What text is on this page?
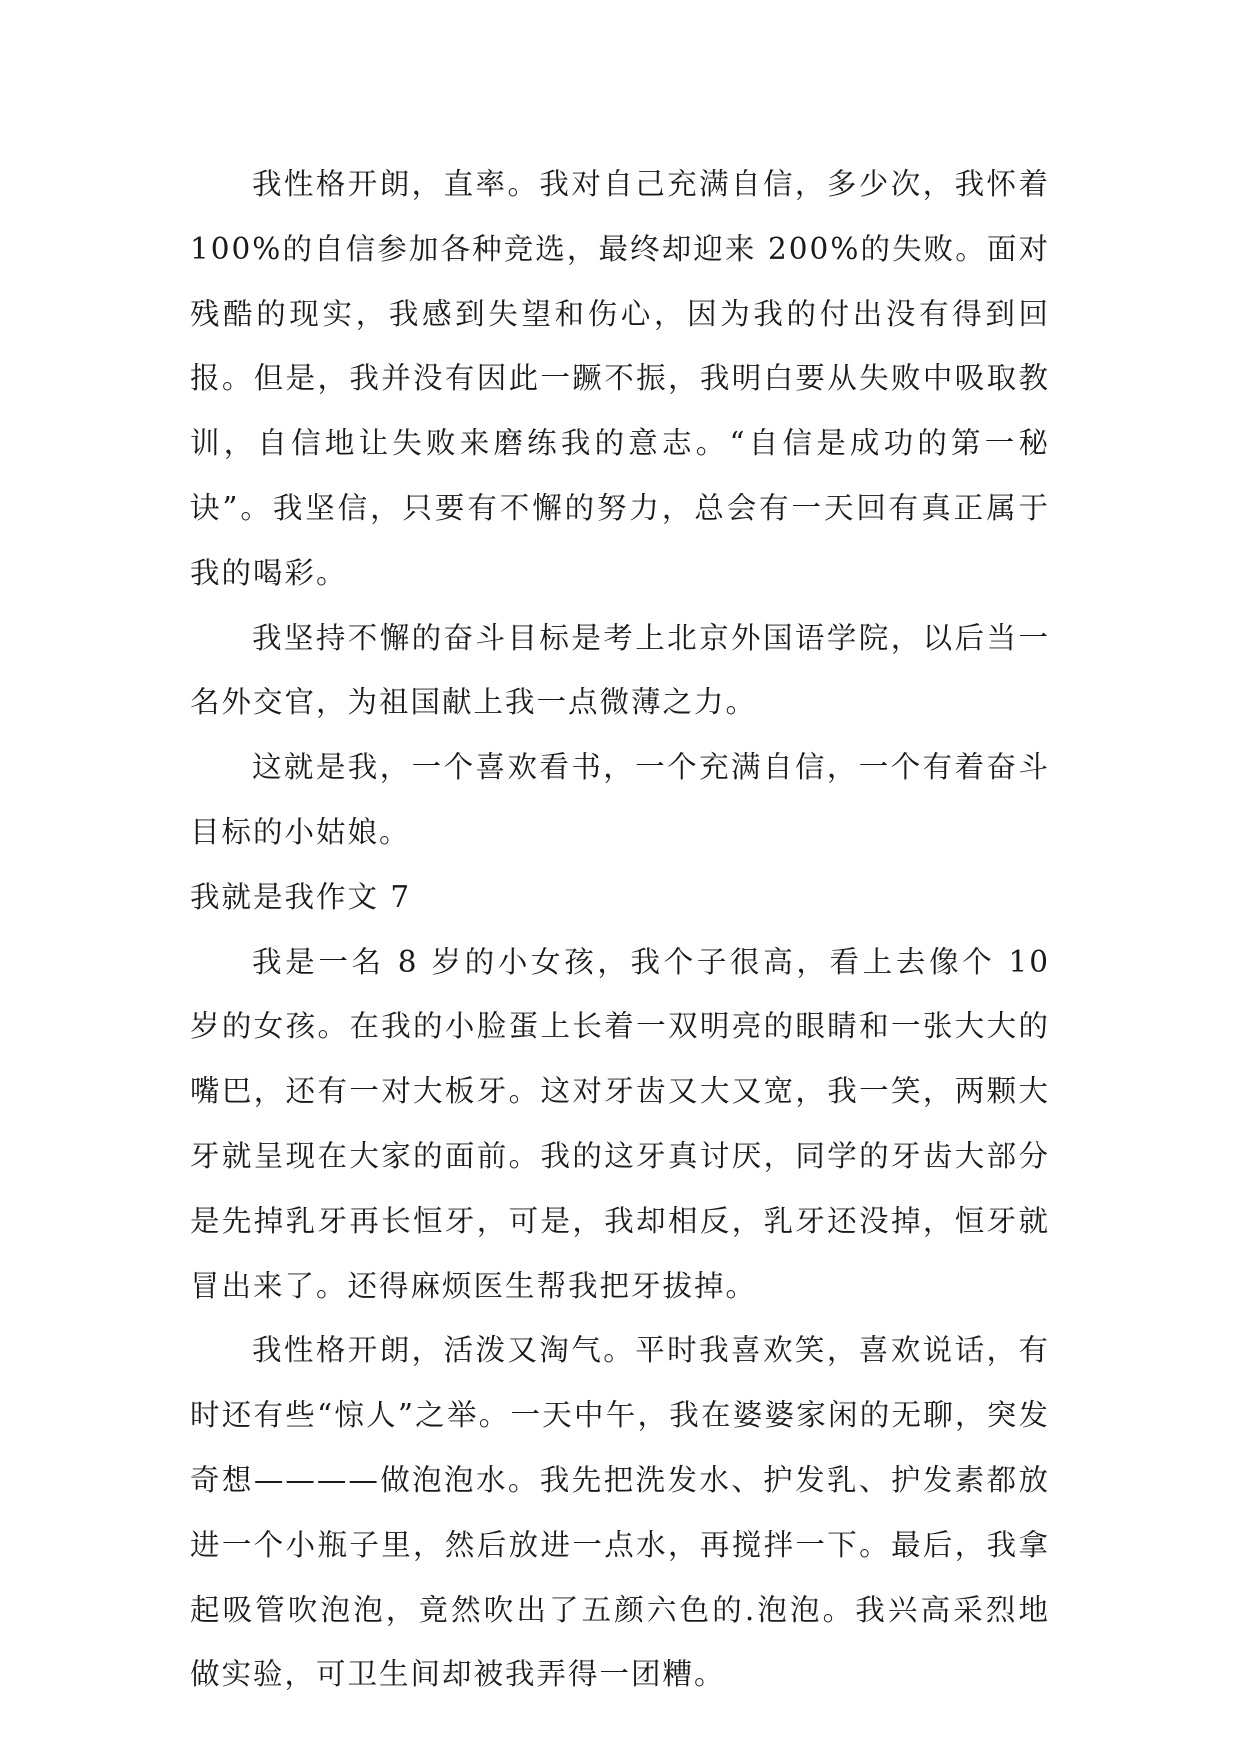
我性格开朗，直率。我对自己充满自信，多少次，我怀着 100%的自信参加各种竞选，最终却迎来 200%的失败。面对残酷的现实，我感到失望和伤心，因为我的付出没有得到回报。但是，我并没有因此一蹶不振，我明白要从失败中吸取教训，自信地让失败来磨练我的意志。“自信是成功的第一秘诀”。我坚信，只要有不懈的努力，总会有一天回有真正属于我的喝彩。

我坚持不懈的奋斗目标是考上北京外国语学院，以后当一名外交官，为祖国献上我一点微薄之力。

这就是我，一个喜欢看书，一个充满自信，一个有着奋斗目标的小姑娘。

我就是我作文 7

我是一名 8 岁的小女孩，我个子很高，看上去像个 10 岁的女孩。在我的小脸蛋上长着一双明亮的眼睛和一张大大的嘴巴，还有一对大板牙。这对牙齿又大又宽，我一笑，两颗大牙就呈现在大家的面前。我的这牙真讨厌，同学的牙齿大部分是先掉乳牙再长恒牙，可是，我却相反，乳牙还没掉，恒牙就冒出来了。还得麻烦医生帮我把牙拔掉。

我性格开朗，活泼又淘气。平时我喜欢笑，喜欢说话，有时还有些“惊人”之举。一天中午，我在婆婆家闲的无聊，突发奇想————做泡泡水。我先把洗发水、护发乳、护发素都放进一个小瓶子里，然后放进一点水，再搅拌一下。最后，我拿起吸管吹泡泡，竟然吹出了五颜六色的.泡泡。我兴高采烈地做实验，可卫生间却被我弄得一团糟。
